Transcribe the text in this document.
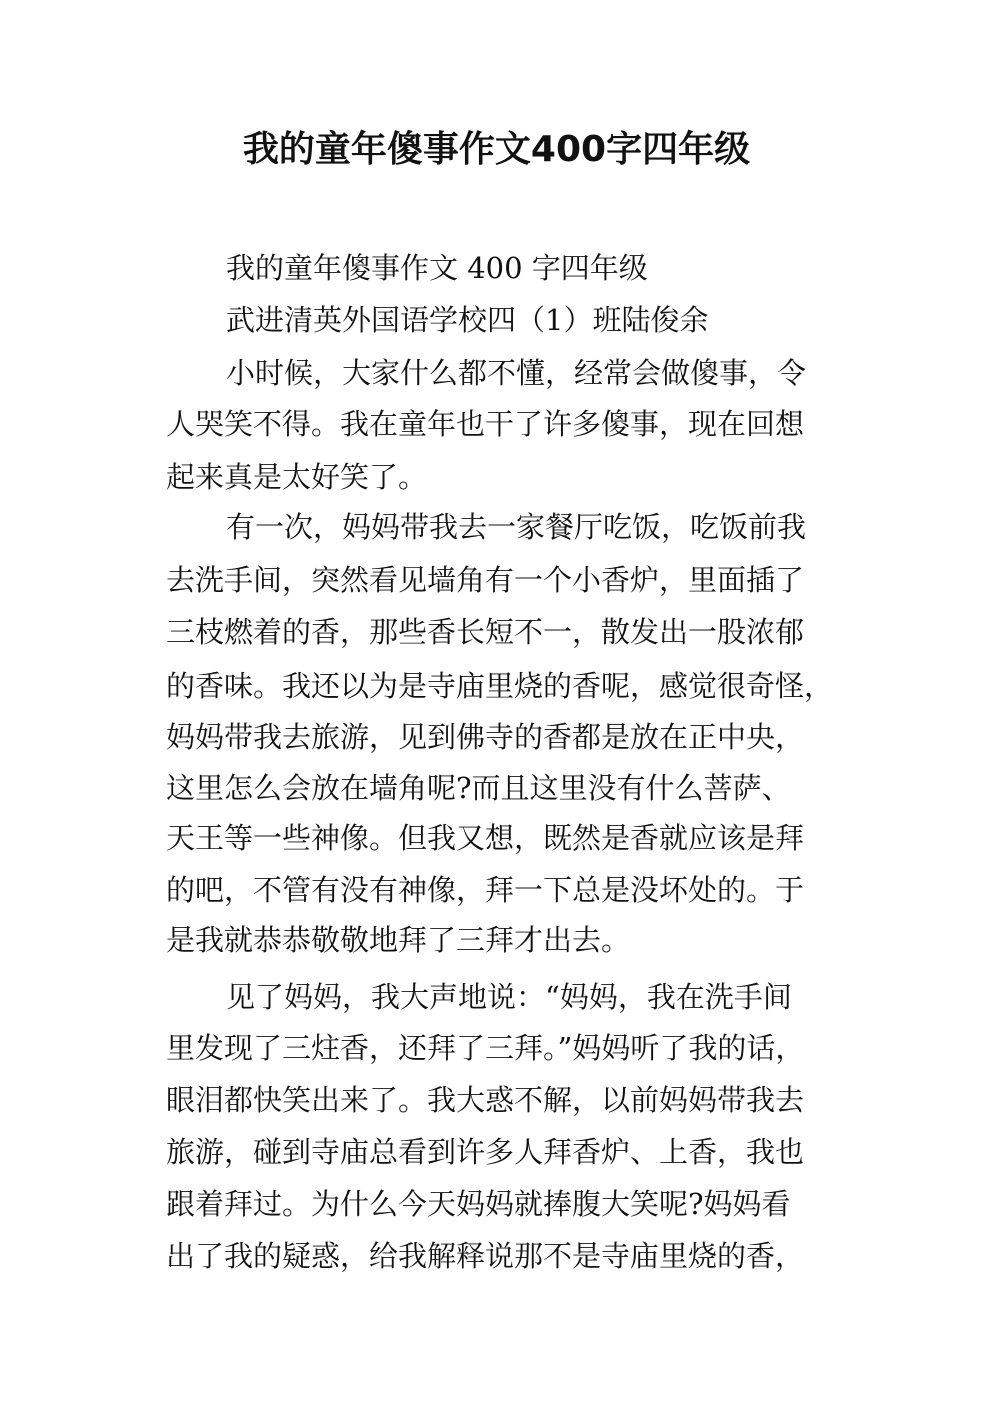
我的童年傻事作文400字四年级
我的童年傻事作文 400 字四年级
武进清英外国语学校四（1）班陆俊余
小时候，大家什么都不懂，经常会做傻事，令
人哭笑不得。我在童年也干了许多傻事，现在回想
起来真是太好笑了。
有一次，妈妈带我去一家餐厅吃饭，吃饭前我
去洗手间，突然看见墙角有一个小香炉，里面插了
三枝燃着的香，那些香长短不一，散发出一股浓郁
的香味。我还以为是寺庙里烧的香呢，感觉很奇怪，
妈妈带我去旅游，见到佛寺的香都是放在正中央，
这里怎么会放在墙角呢?而且这里没有什么菩萨、
天王等一些神像。但我又想，既然是香就应该是拜
的吧，不管有没有神像，拜一下总是没坏处的。于
是我就恭恭敬敬地拜了三拜才出去。
见了妈妈，我大声地说：“妈妈，我在洗手间
里发现了三炷香，还拜了三拜。”妈妈听了我的话，
眼泪都快笑出来了。我大惑不解，以前妈妈带我去
旅游，碰到寺庙总看到许多人拜香炉、上香，我也
跟着拜过。为什么今天妈妈就捧腹大笑呢?妈妈看
出了我的疑惑，给我解释说那不是寺庙里烧的香，
